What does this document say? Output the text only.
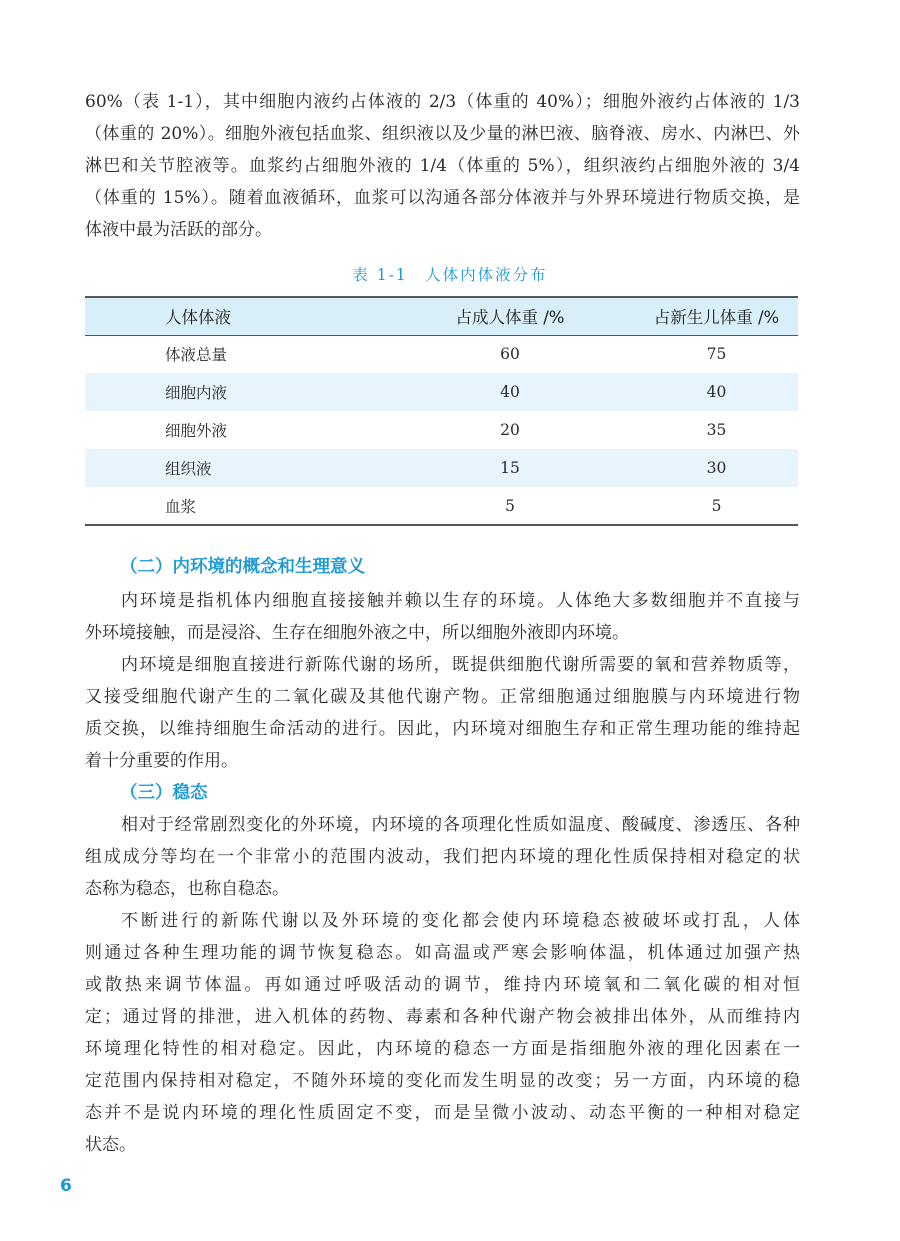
60%（表 1-1），其中细胞内液约占体液的 2/3（体重的 40%）；细胞外液约占体液的 1/3
（体重的 20%）。细胞外液包括血浆、组织液以及少量的淋巴液、脑脊液、房水、内淋巴、外
淋巴和关节腔液等。血浆约占细胞外液的 1/4（体重的 5%），组织液约占细胞外液的 3/4
（体重的 15%）。随着血液循环，血浆可以沟通各部分体液并与外界环境进行物质交换，是
体液中最为活跃的部分。
表 1-1　人体内体液分布
人体体液	占成人体重 /%	占新生儿体重 /%
体液总量	60	75
细胞内液	40	40
细胞外液	20	35
组织液	15	30
血浆	5	5
（二）内环境的概念和生理意义
内环境是指机体内细胞直接接触并赖以生存的环境。人体绝大多数细胞并不直接与
外环境接触，而是浸浴、生存在细胞外液之中，所以细胞外液即内环境。
内环境是细胞直接进行新陈代谢的场所，既提供细胞代谢所需要的氧和营养物质等，
又接受细胞代谢产生的二氧化碳及其他代谢产物。正常细胞通过细胞膜与内环境进行物
质交换，以维持细胞生命活动的进行。因此，内环境对细胞生存和正常生理功能的维持起
着十分重要的作用。
（三）稳态
相对于经常剧烈变化的外环境，内环境的各项理化性质如温度、酸碱度、渗透压、各种
组成成分等均在一个非常小的范围内波动，我们把内环境的理化性质保持相对稳定的状
态称为稳态，也称自稳态。
不断进行的新陈代谢以及外环境的变化都会使内环境稳态被破坏或打乱，人体
则通过各种生理功能的调节恢复稳态。如高温或严寒会影响体温，机体通过加强产热
或散热来调节体温。再如通过呼吸活动的调节，维持内环境氧和二氧化碳的相对恒
定；通过肾的排泄，进入机体的药物、毒素和各种代谢产物会被排出体外，从而维持内
环境理化特性的相对稳定。因此，内环境的稳态一方面是指细胞外液的理化因素在一
定范围内保持相对稳定，不随外环境的变化而发生明显的改变；另一方面，内环境的稳
态并不是说内环境的理化性质固定不变，而是呈微小波动、动态平衡的一种相对稳定
状态。
6
